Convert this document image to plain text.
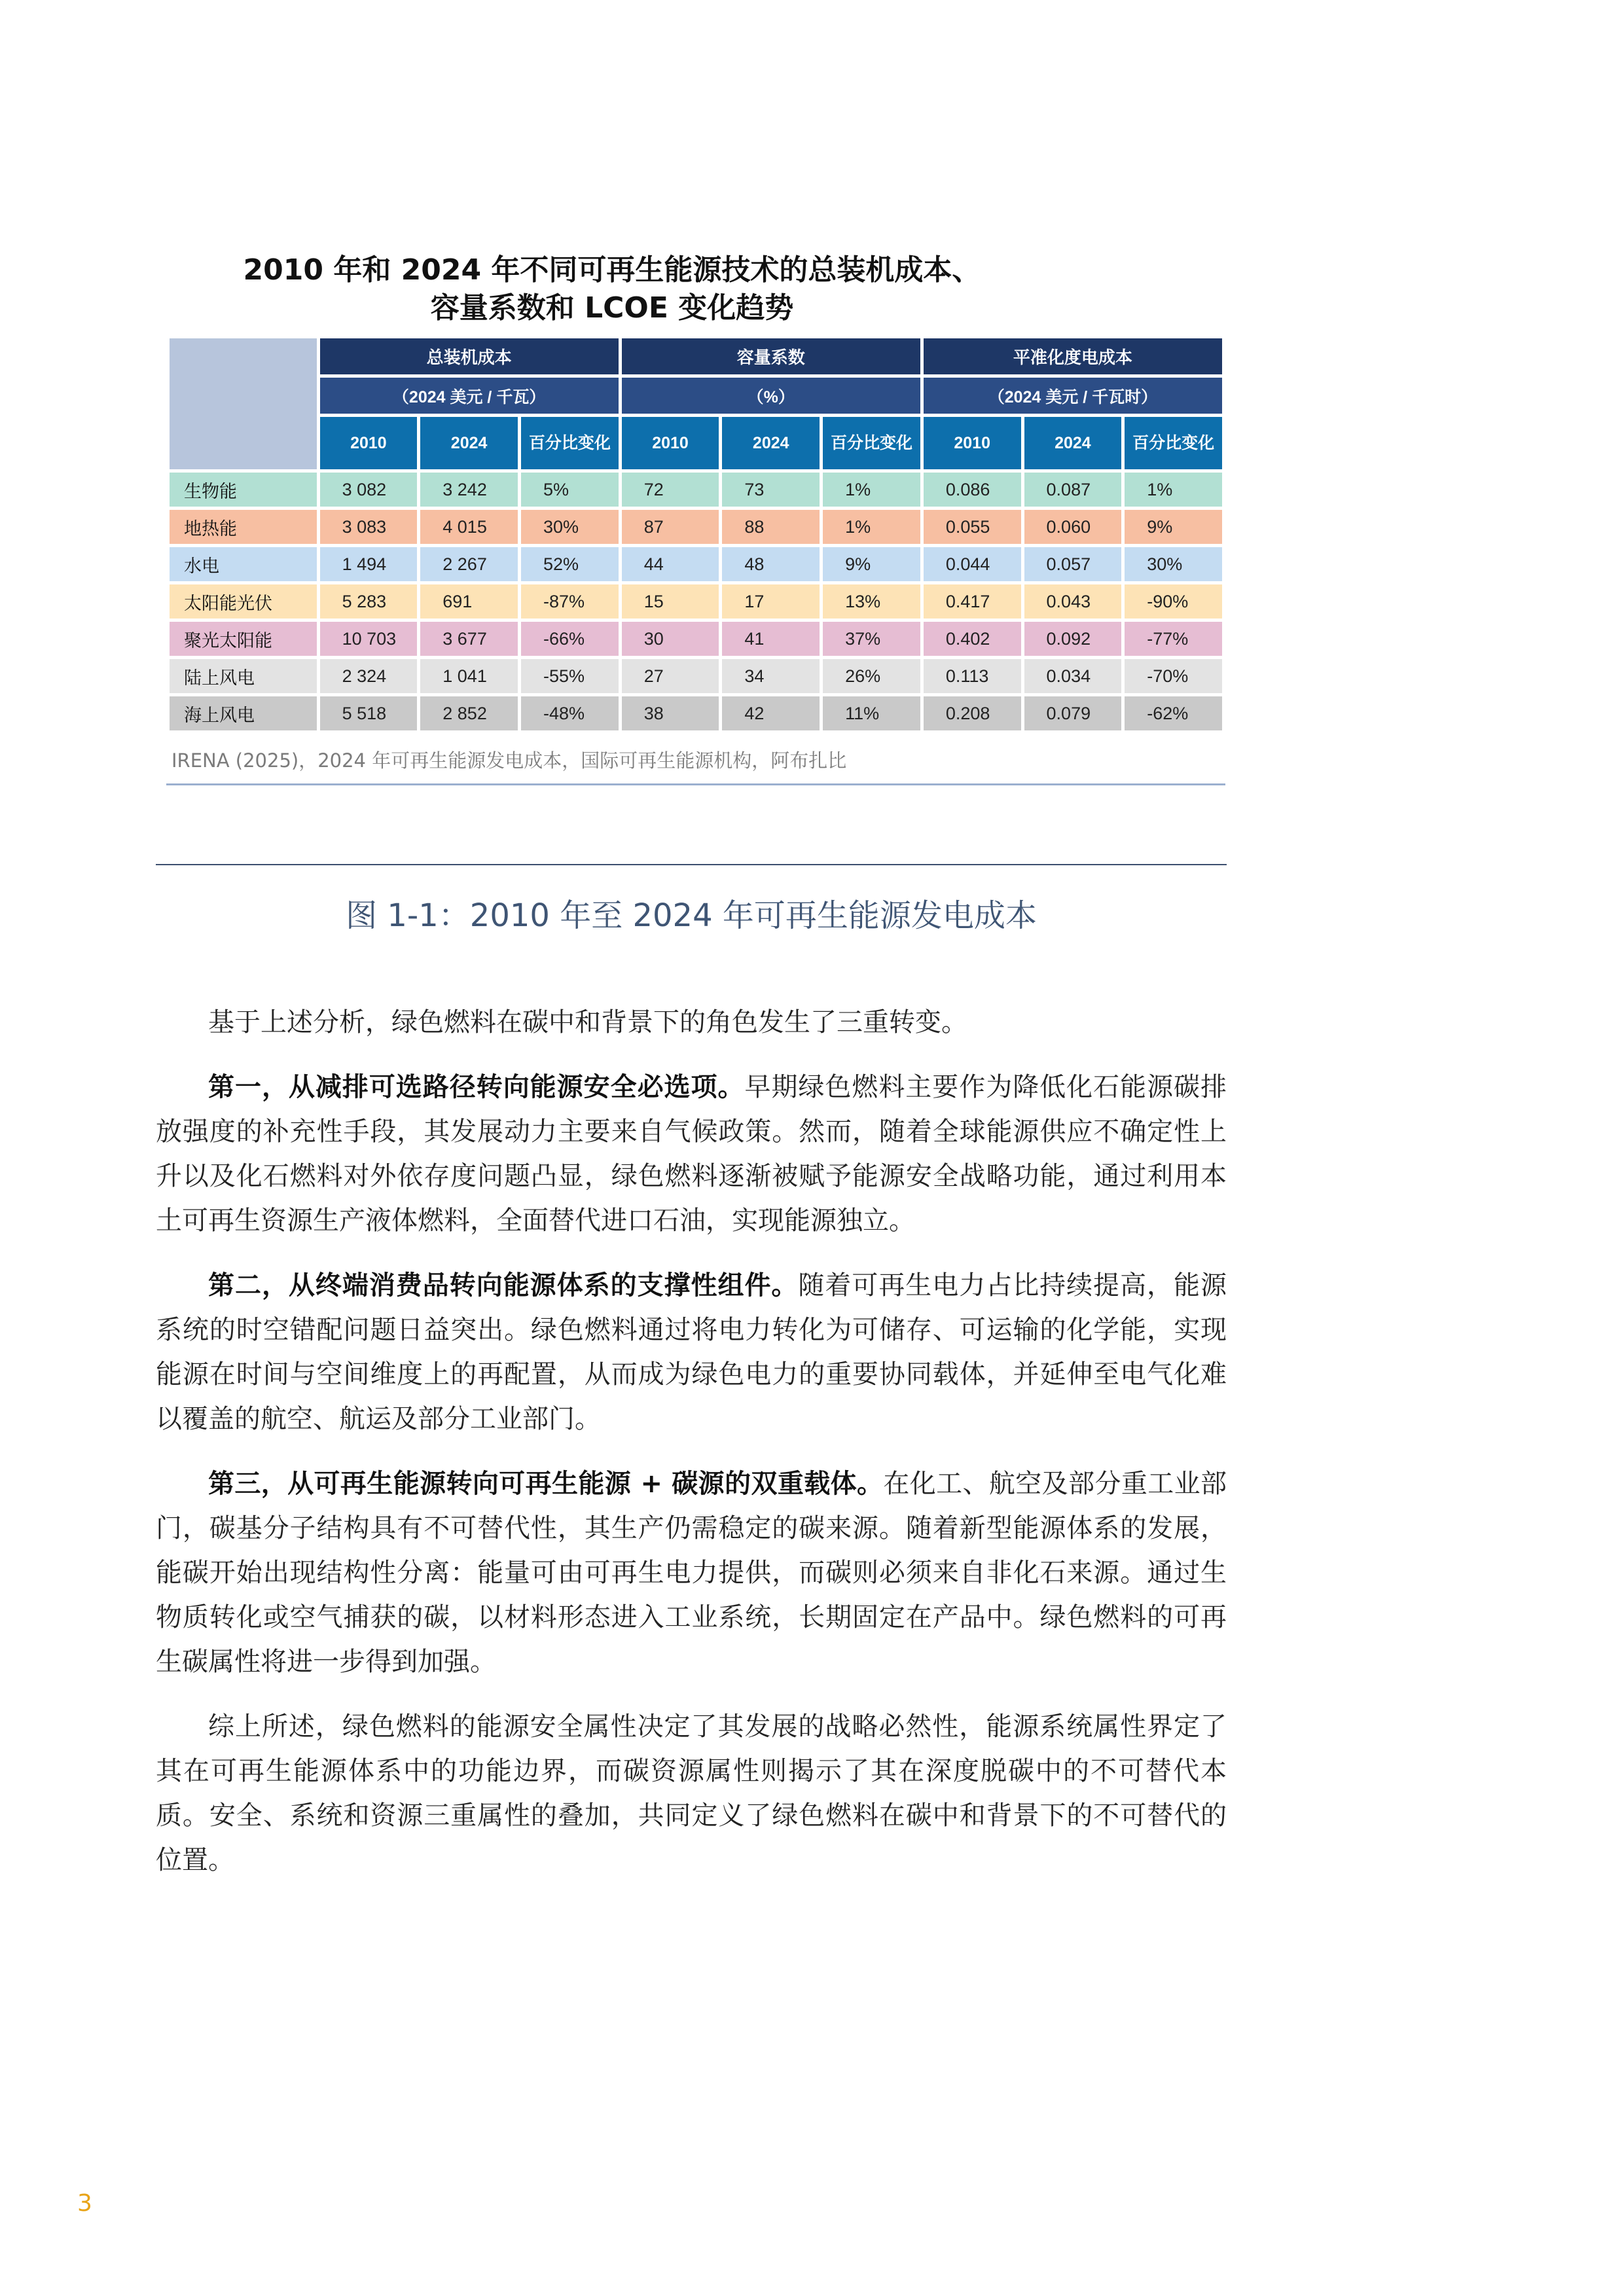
2010 年和 2024 年不同可再生能源技术的总装机成本、
容量系数和 LCOE 变化趋势
	总装机成本			容量系数			平准化度电成本		
	（2024 美元 / 千瓦）			（%）			（2024 美元 / 千瓦时）		
	2010	2024	百分比变化	2010	2024	百分比变化	2010	2024	百分比变化
生物能	3 082	3 242	5%	72	73	1%	0.086	0.087	1%
地热能	3 083	4 015	30%	87	88	1%	0.055	0.060	9%
水电	1 494	2 267	52%	44	48	9%	0.044	0.057	30%
太阳能光伏	5 283	691	-87%	15	17	13%	0.417	0.043	-90%
聚光太阳能	10 703	3 677	-66%	30	41	37%	0.402	0.092	-77%
陆上风电	2 324	1 041	-55%	27	34	26%	0.113	0.034	-70%
海上风电	5 518	2 852	-48%	38	42	11%	0.208	0.079	-62%
IRENA (2025)，2024 年可再生能源发电成本，国际可再生能源机构，阿布扎比
图 1-1：2010 年至 2024 年可再生能源发电成本
基于上述分析，绿色燃料在碳中和背景下的角色发生了三重转变。
第一，从减排可选路径转向能源安全必选项。早期绿色燃料主要作为降低化石能源碳排放强度的补充性手段，其发展动力主要来自气候政策。然而，随着全球能源供应不确定性上升以及化石燃料对外依存度问题凸显，绿色燃料逐渐被赋予能源安全战略功能，通过利用本土可再生资源生产液体燃料，全面替代进口石油，实现能源独立。
第二，从终端消费品转向能源体系的支撑性组件。随着可再生电力占比持续提高，能源系统的时空错配问题日益突出。绿色燃料通过将电力转化为可储存、可运输的化学能，实现能源在时间与空间维度上的再配置，从而成为绿色电力的重要协同载体，并延伸至电气化难以覆盖的航空、航运及部分工业部门。
第三，从可再生能源转向可再生能源 + 碳源的双重载体。在化工、航空及部分重工业部门，碳基分子结构具有不可替代性，其生产仍需稳定的碳来源。随着新型能源体系的发展，能碳开始出现结构性分离：能量可由可再生电力提供，而碳则必须来自非化石来源。通过生物质转化或空气捕获的碳，以材料形态进入工业系统，长期固定在产品中。绿色燃料的可再生碳属性将进一步得到加强。
综上所述，绿色燃料的能源安全属性决定了其发展的战略必然性，能源系统属性界定了其在可再生能源体系中的功能边界，而碳资源属性则揭示了其在深度脱碳中的不可替代本质。安全、系统和资源三重属性的叠加，共同定义了绿色燃料在碳中和背景下的不可替代的位置。
3
